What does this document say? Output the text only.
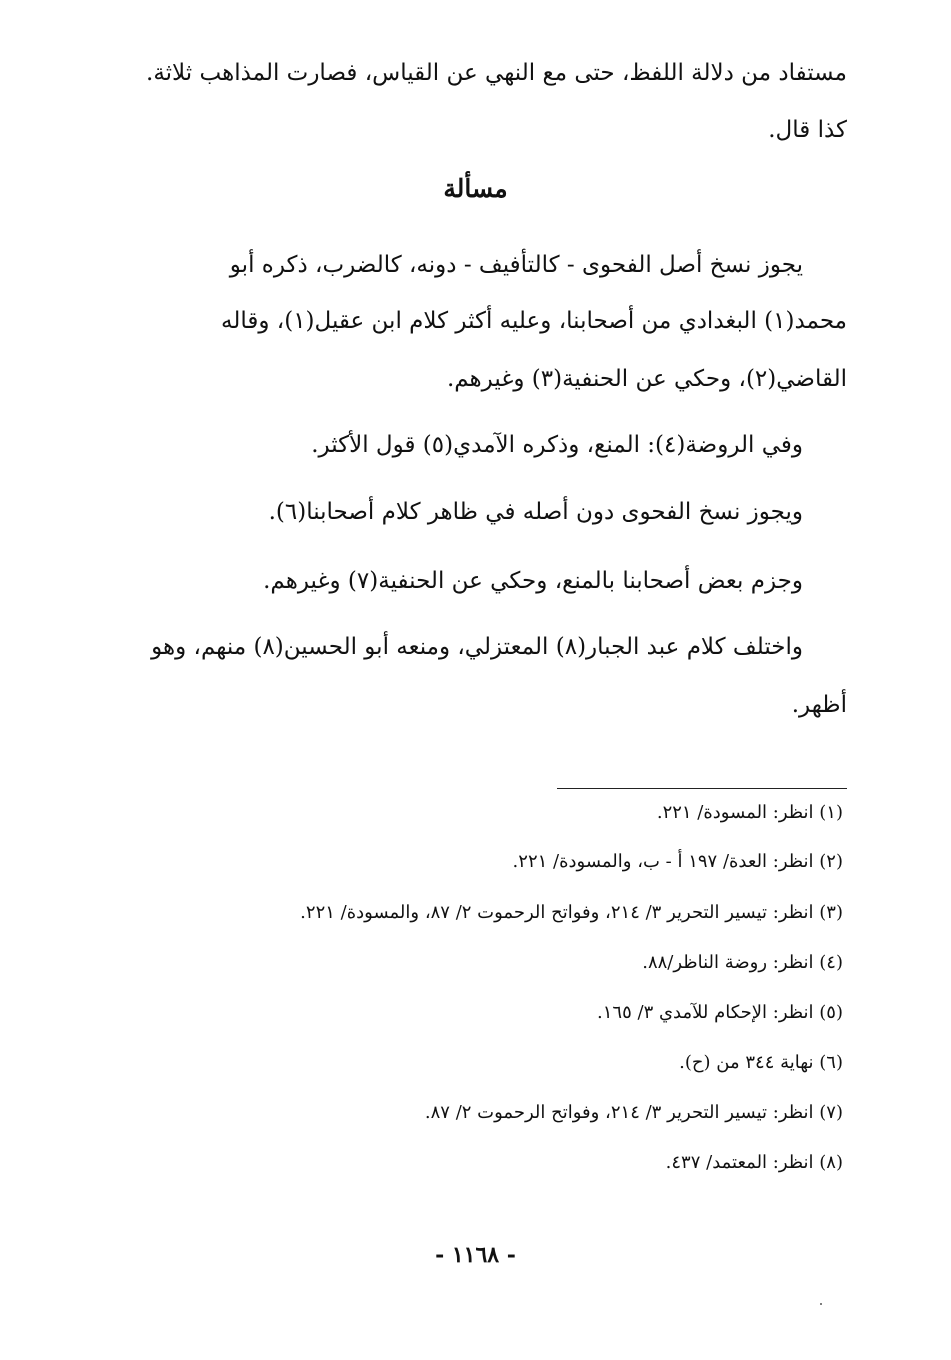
مستفاد من دلالة اللفظ، حتى مع النهي عن القياس، فصارت المذاهب ثلاثة.
كذا قال.
مسألة
يجوز نسخ أصل الفحوى - كالتأفيف - دونه، كالضرب، ذكره أبو
محمد(١) البغدادي من أصحابنا، وعليه أكثر كلام ابن عقيل(١)، وقاله
القاضي(٢)، وحكي عن الحنفية(٣) وغيرهم.
وفي الروضة(٤): المنع، وذكره الآمدي(٥) قول الأكثر.
ويجوز نسخ الفحوى دون أصله في ظاهر كلام أصحابنا(٦).
وجزم بعض أصحابنا بالمنع، وحكي عن الحنفية(٧) وغيرهم.
واختلف كلام عبد الجبار(٨) المعتزلي، ومنعه أبو الحسين(٨) منهم، وهو
أظهر.
(١) انظر: المسودة/ ٢٢١.
(٢) انظر: العدة/ ١٩٧ أ - ب، والمسودة/ ٢٢١.
(٣) انظر: تيسير التحرير ٣/ ٢١٤، وفواتح الرحموت ٢/ ٨٧، والمسودة/ ٢٢١.
(٤) انظر: روضة الناظر/٨٨.
(٥) انظر: الإحكام للآمدي ٣/ ١٦٥.
(٦) نهاية ٣٤٤ من (ح).
(٧) انظر: تيسير التحرير ٣/ ٢١٤، وفواتح الرحموت ٢/ ٨٧.
(٨) انظر: المعتمد/ ٤٣٧.
- ١١٦٨ -
